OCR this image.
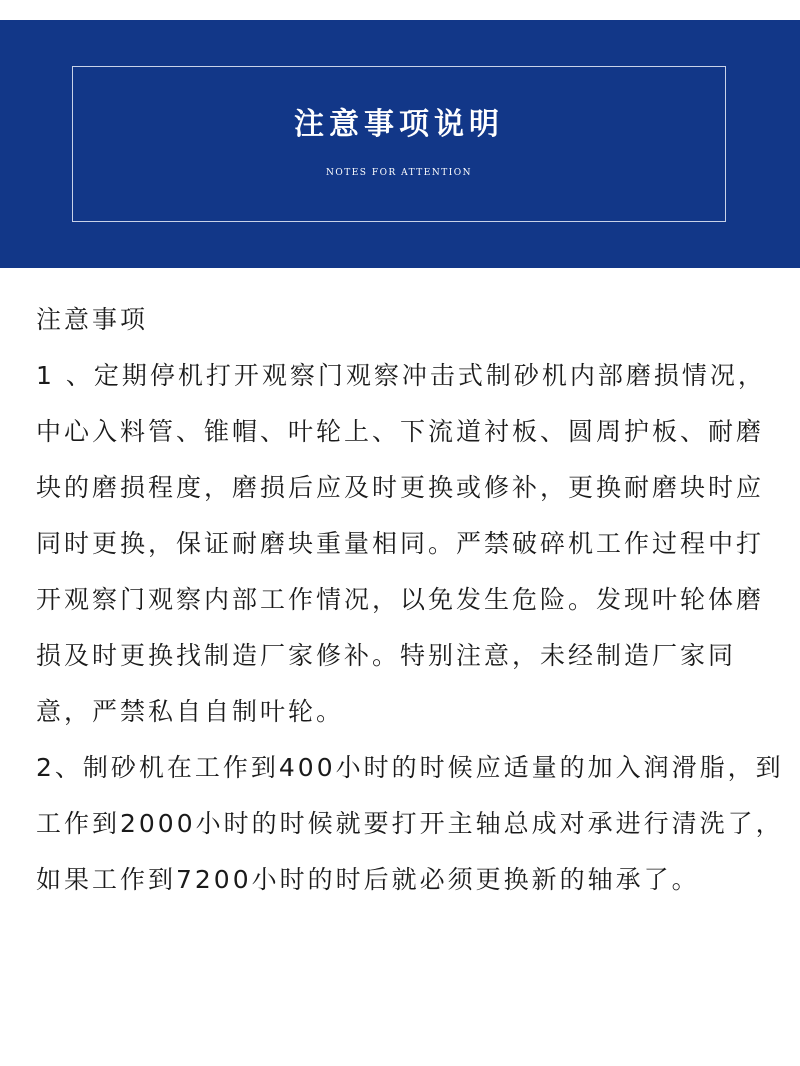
注意事项说明
NOTES FOR ATTENTION
注意事项
1 、定期停机打开观察门观察冲击式制砂机内部磨损情况，中心入料管、锥帽、叶轮上、下流道衬板、圆周护板、耐磨块的磨损程度，磨损后应及时更换或修补，更换耐磨块时应同时更换，保证耐磨块重量相同。严禁破碎机工作过程中打开观察门观察内部工作情况，以免发生危险。发现叶轮体磨损及时更换找制造厂家修补。特别注意，未经制造厂家同意，严禁私自自制叶轮。
2、制砂机在工作到400小时的时候应适量的加入润滑脂，到工作到2000小时的时候就要打开主轴总成对承进行清洗了，如果工作到7200小时的时后就必须更换新的轴承了。
